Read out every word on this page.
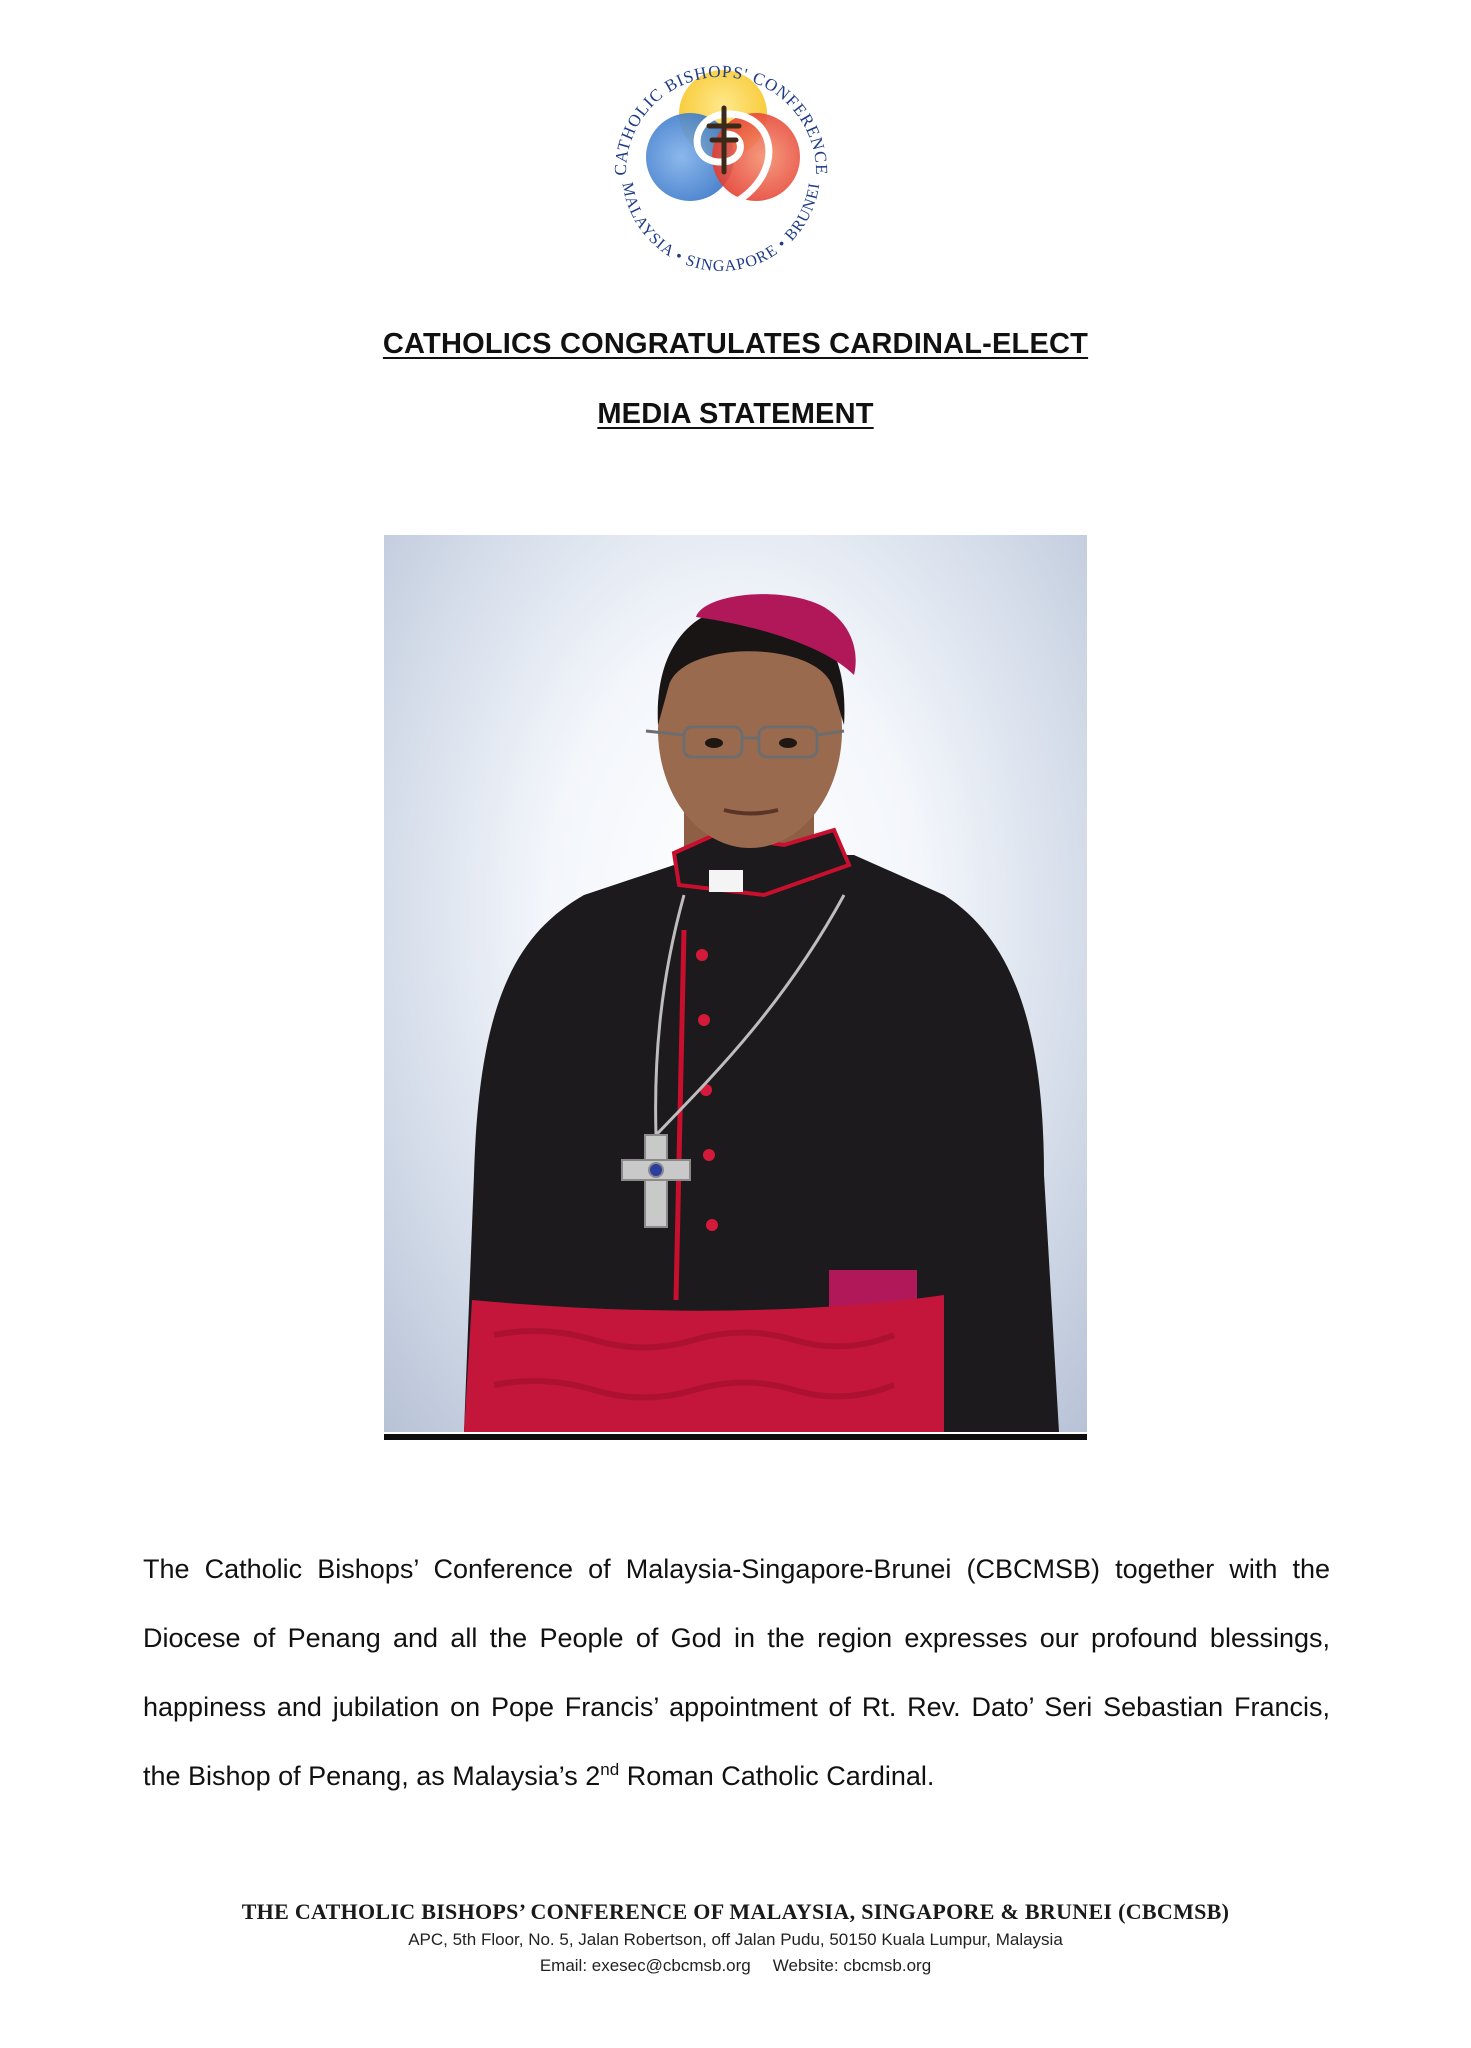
CATHOLIC BISHOPS' CONFERENCE
MALAYSIA • SINGAPORE • BRUNEI
CATHOLICS CONGRATULATES CARDINAL-ELECT
MEDIA STATEMENT

The Catholic Bishops’ Conference of Malaysia-Singapore-Brunei (CBCMSB) together with the Diocese of Penang and all the People of God in the region expresses our profound blessings, happiness and jubilation on Pope Francis’ appointment of Rt. Rev. Dato’ Seri Sebastian Francis, the Bishop of Penang, as Malaysia’s 2nd Roman Catholic Cardinal.

THE CATHOLIC BISHOPS’ CONFERENCE OF MALAYSIA, SINGAPORE & BRUNEI (CBCMSB)
APC, 5th Floor, No. 5, Jalan Robertson, off Jalan Pudu, 50150 Kuala Lumpur, Malaysia
Email: exesec@cbcmsb.org Website: cbcmsb.org
